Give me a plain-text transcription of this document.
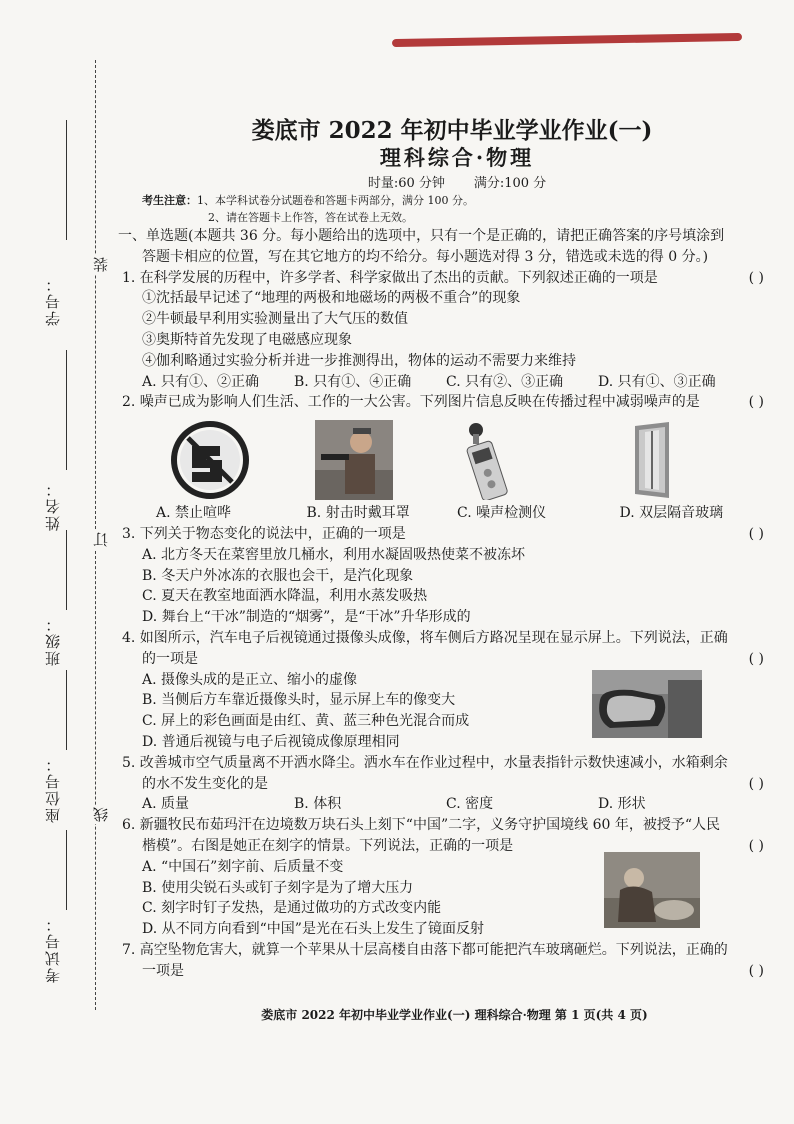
学号：
姓名：
班级：
座位号：
考试号：
装
订
线
娄底市 2022 年初中毕业学业作业(一)
理科综合·物理
时量:60 分钟 满分:100 分
考生注意：1、本学科试卷分试题卷和答题卡两部分，满分 100 分。
2、请在答题卡上作答，答在试卷上无效。
一、单选题(本题共 36 分。每小题给出的选项中，只有一个是正确的，请把正确答案的序号填涂到
答题卡相应的位置，写在其它地方的均不给分。每小题选对得 3 分，错选或未选的得 0 分。)
1. 在科学发展的历程中，许多学者、科学家做出了杰出的贡献。下列叙述正确的一项是	( )
①沈括最早记述了“地理的两极和地磁场的两极不重合”的现象
②牛顿最早利用实验测量出了大气压的数值
③奥斯特首先发现了电磁感应现象
④伽利略通过实验分析并进一步推测得出，物体的运动不需要力来维持
A. 只有①、②正确	B. 只有①、④正确	C. 只有②、③正确	D. 只有①、③正确
2. 噪声已成为影响人们生活、工作的一大公害。下列图片信息反映在传播过程中减弱噪声的是	( )
A. 禁止喧哗	B. 射击时戴耳罩	C. 噪声检测仪	D. 双层隔音玻璃
3. 下列关于物态变化的说法中，正确的一项是	( )
A. 北方冬天在菜窖里放几桶水，利用水凝固吸热使菜不被冻坏
B. 冬天户外冰冻的衣服也会干，是汽化现象
C. 夏天在教室地面洒水降温，利用水蒸发吸热
D. 舞台上“干冰”制造的“烟雾”，是“干冰”升华形成的
4. 如图所示，汽车电子后视镜通过摄像头成像，将车侧后方路况呈现在显示屏上。下列说法，正确
的一项是	( )
A. 摄像头成的是正立、缩小的虚像
B. 当侧后方车靠近摄像头时，显示屏上车的像变大
C. 屏上的彩色画面是由红、黄、蓝三种色光混合而成
D. 普通后视镜与电子后视镜成像原理相同
5. 改善城市空气质量离不开洒水降尘。洒水车在作业过程中，水量表指针示数快速减小，水箱剩余
的水不发生变化的是	( )
A. 质量	B. 体积	C. 密度	D. 形状
6. 新疆牧民布茹玛汗在边境数万块石头上刻下“中国”二字，义务守护国境线 60 年，被授予“人民
楷模”。右图是她正在刻字的情景。下列说法，正确的一项是	( )
A. “中国石”刻字前、后质量不变
B. 使用尖锐石头或钉子刻字是为了增大压力
C. 刻字时钉子发热，是通过做功的方式改变内能
D. 从不同方向看到“中国”是光在石头上发生了镜面反射
7. 高空坠物危害大，就算一个苹果从十层高楼自由落下都可能把汽车玻璃砸烂。下列说法，正确的
一项是	( )
娄底市 2022 年初中毕业学业作业(一) 理科综合·物理 第 1 页(共 4 页)
